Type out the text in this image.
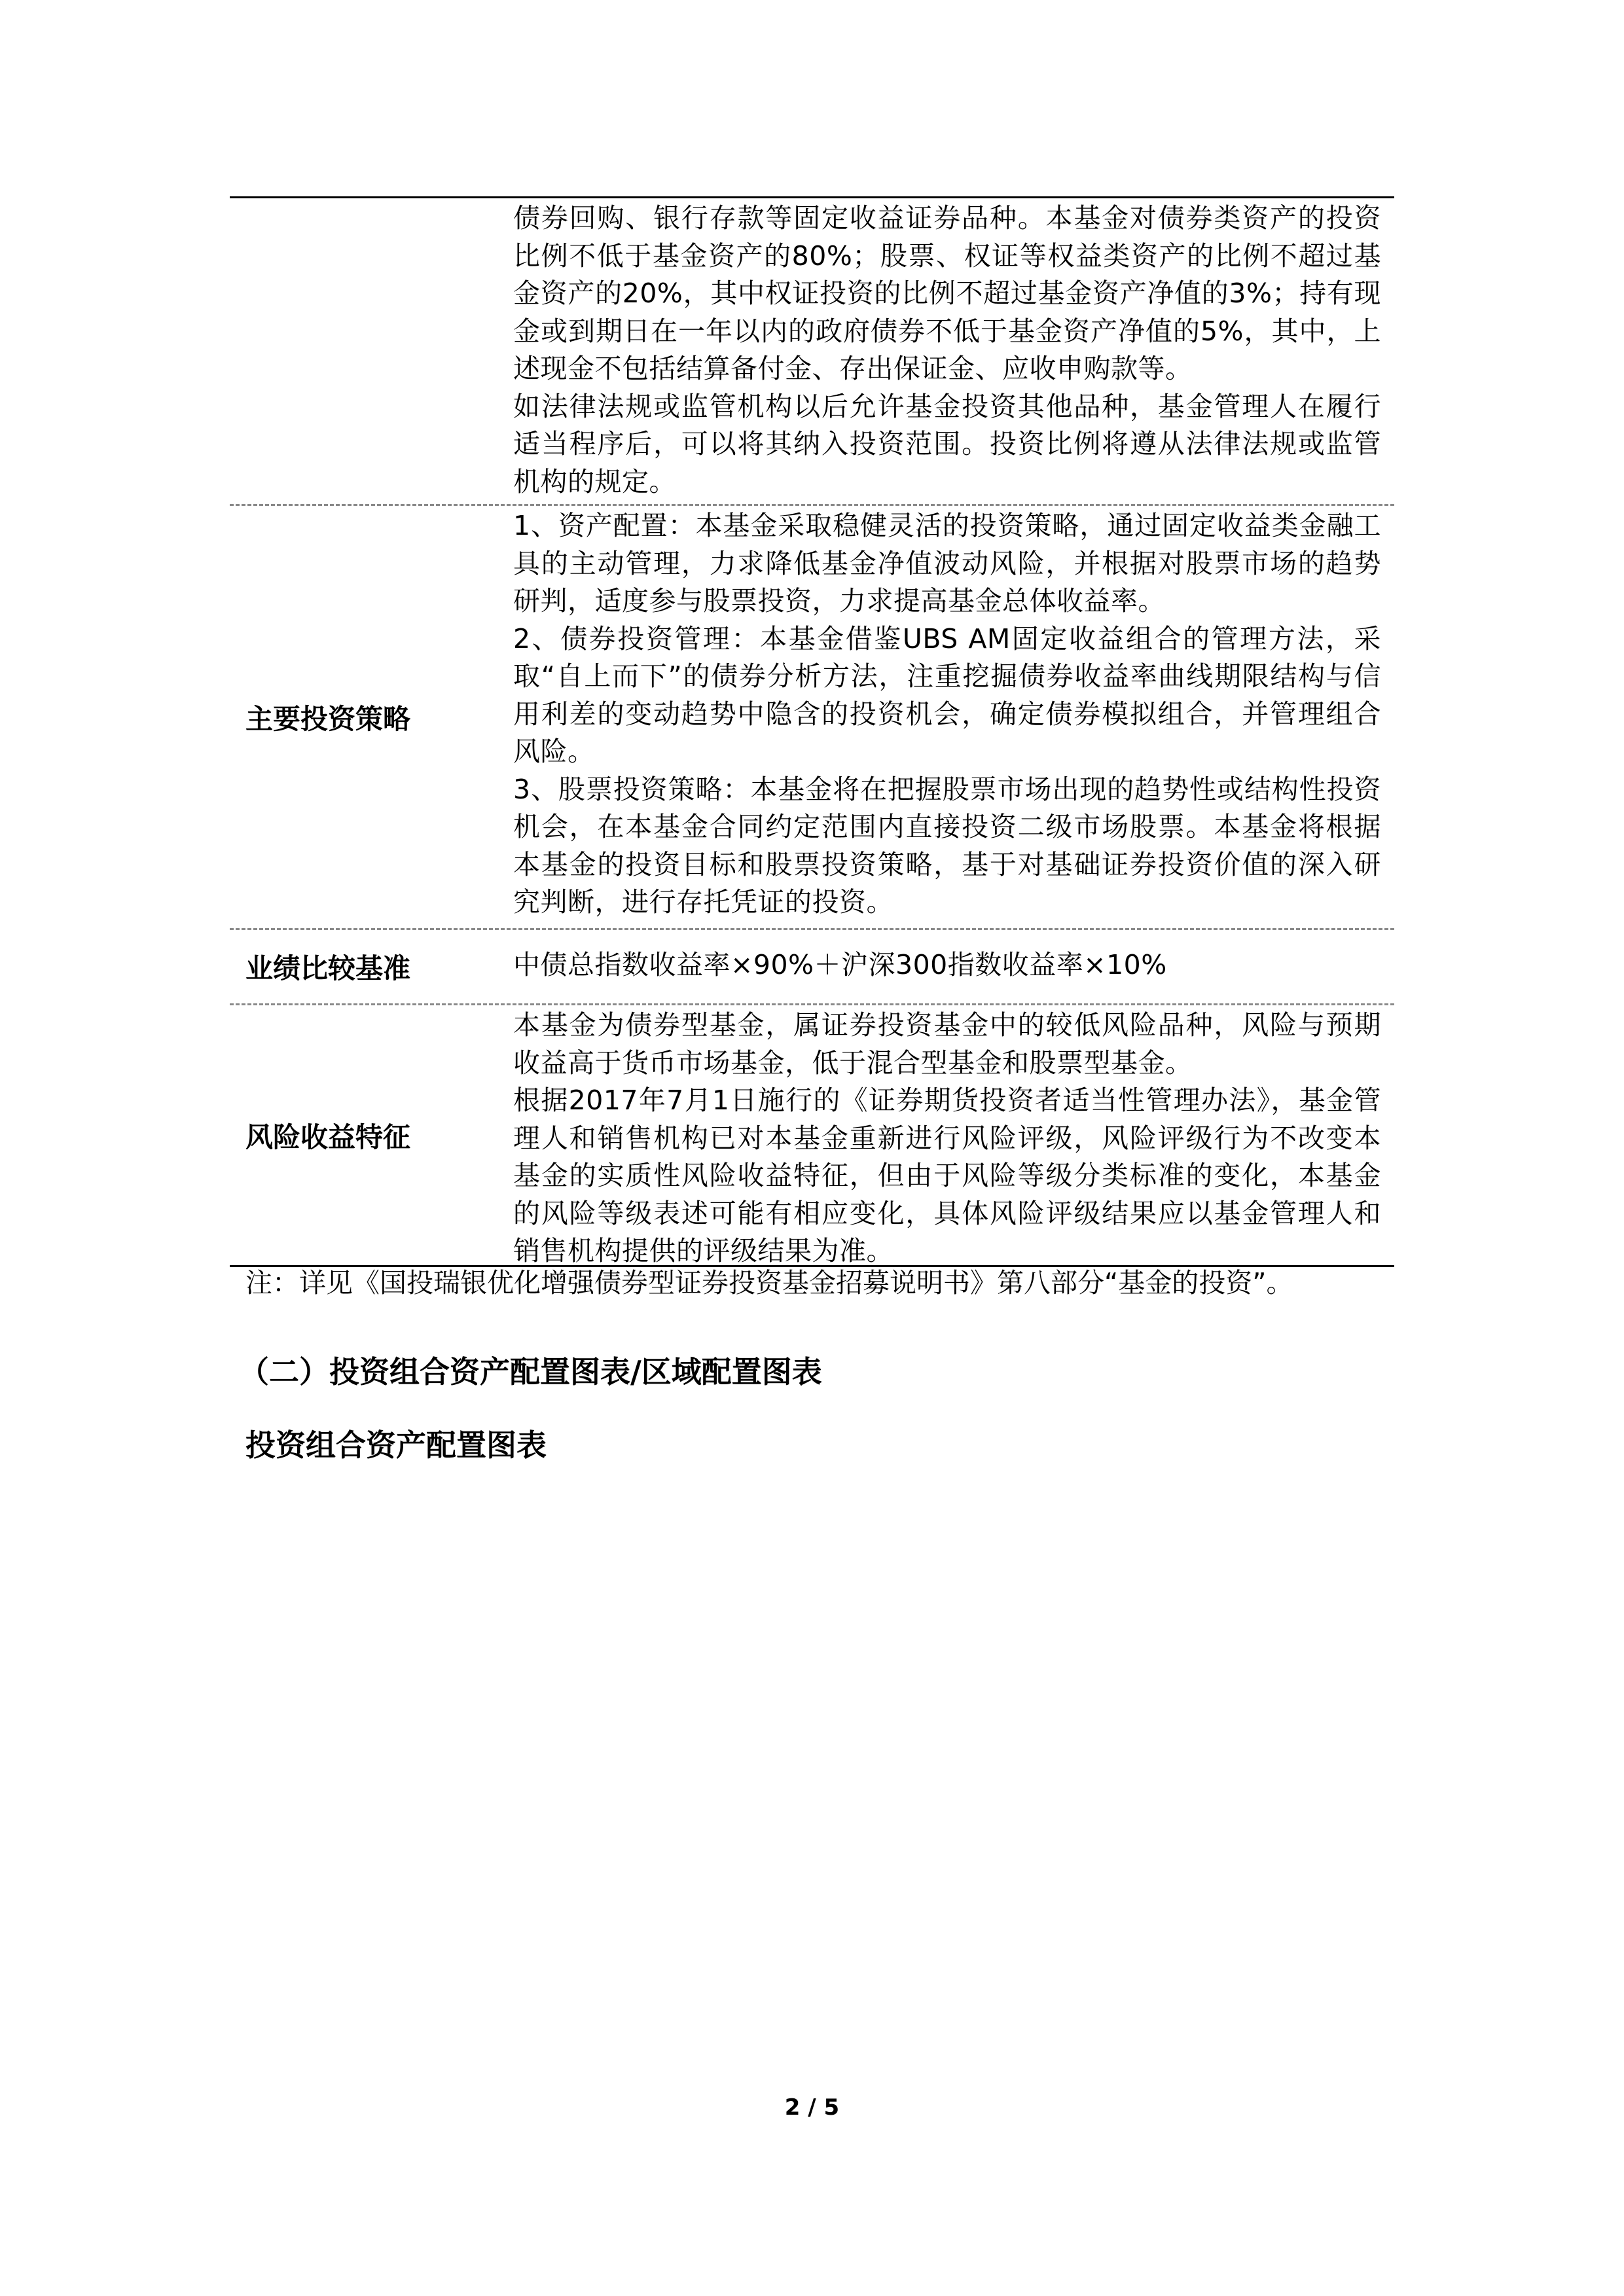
债券回购、银行存款等固定收益证券品种。本基金对债券类资产的投资比例不低于基金资产的80%；股票、权证等权益类资产的比例不超过基金资产的20%，其中权证投资的比例不超过基金资产净值的3%；持有现金或到期日在一年以内的政府债券不低于基金资产净值的5%，其中，上述现金不包括结算备付金、存出保证金、应收申购款等。

如法律法规或监管机构以后允许基金投资其他品种，基金管理人在履行适当程序后，可以将其纳入投资范围。投资比例将遵从法律法规或监管机构的规定。

主要投资策略

1、资产配置：本基金采取稳健灵活的投资策略，通过固定收益类金融工具的主动管理，力求降低基金净值波动风险，并根据对股票市场的趋势研判，适度参与股票投资，力求提高基金总体收益率。

2、债券投资管理：本基金借鉴UBS AM固定收益组合的管理方法，采取“自上而下”的债券分析方法，注重挖掘债券收益率曲线期限结构与信用利差的变动趋势中隐含的投资机会，确定债券模拟组合，并管理组合风险。

3、股票投资策略：本基金将在把握股票市场出现的趋势性或结构性投资机会，在本基金合同约定范围内直接投资二级市场股票。本基金将根据本基金的投资目标和股票投资策略，基于对基础证券投资价值的深入研究判断，进行存托凭证的投资。

业绩比较基准	中债总指数收益率×90%＋沪深300指数收益率×10%

风险收益特征

本基金为债券型基金，属证券投资基金中的较低风险品种，风险与预期收益高于货币市场基金，低于混合型基金和股票型基金。

根据2017年7月1日施行的《证券期货投资者适当性管理办法》，基金管理人和销售机构已对本基金重新进行风险评级，风险评级行为不改变本基金的实质性风险收益特征，但由于风险等级分类标准的变化，本基金的风险等级表述可能有相应变化，具体风险评级结果应以基金管理人和销售机构提供的评级结果为准。

注：详见《国投瑞银优化增强债券型证券投资基金招募说明书》第八部分“基金的投资”。
（二）投资组合资产配置图表/区域配置图表
投资组合资产配置图表
2 / 5
